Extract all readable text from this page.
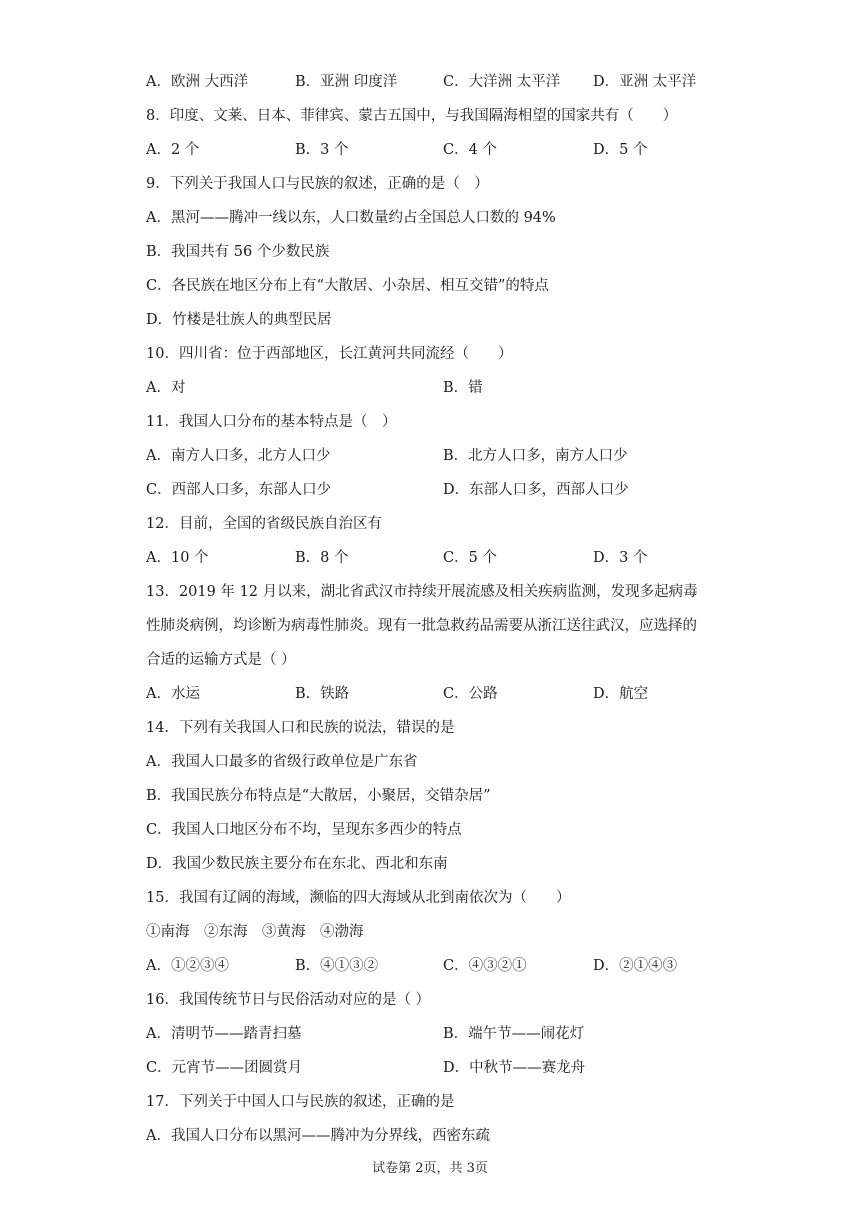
A．欧洲 大西洋	B．亚洲 印度洋	C．大洋洲 太平洋 D．亚洲 太平洋
8．印度、文莱、日本、菲律宾、蒙古五国中，与我国隔海相望的国家共有（　　）
A．2 个	B．3 个	C．4 个	D．5 个
9．下列关于我国人口与民族的叙述，正确的是（　）
A．黑河——腾冲一线以东，人口数量约占全国总人口数的 94%
B．我国共有 56 个少数民族
C．各民族在地区分布上有“大散居、小杂居、相互交错”的特点
D．竹楼是壮族人的典型民居
10．四川省：位于西部地区，长江黄河共同流经（　　）
A．对	B．错
11．我国人口分布的基本特点是（　）
A．南方人口多，北方人口少	B．北方人口多，南方人口少
C．西部人口多，东部人口少	D．东部人口多，西部人口少
12．目前，全国的省级民族自治区有
A．10 个	B．8 个	C．5 个	D．3 个
13．2019 年 12 月以来，湖北省武汉市持续开展流感及相关疾病监测，发现多起病毒
性肺炎病例，均诊断为病毒性肺炎。现有一批急救药品需要从浙江送往武汉，应选择的
合适的运输方式是（ ）
A．水运	B．铁路	C．公路	D．航空
14．下列有关我国人口和民族的说法，错误的是
A．我国人口最多的省级行政单位是广东省
B．我国民族分布特点是“大散居，小聚居，交错杂居”
C．我国人口地区分布不均，呈现东多西少的特点
D．我国少数民族主要分布在东北、西北和东南
15．我国有辽阔的海域，濒临的四大海域从北到南依次为（　　）
①南海　②东海　③黄海　④渤海
A．①②③④	B．④①③②	C．④③②①	D．②①④③
16．我国传统节日与民俗活动对应的是（ ）
A．清明节——踏青扫墓	B．端午节——闹花灯
C．元宵节——团圆赏月	D．中秋节——赛龙舟
17．下列关于中国人口与民族的叙述，正确的是
A．我国人口分布以黑河——腾冲为分界线，西密东疏
试卷第 2页，共 3页
